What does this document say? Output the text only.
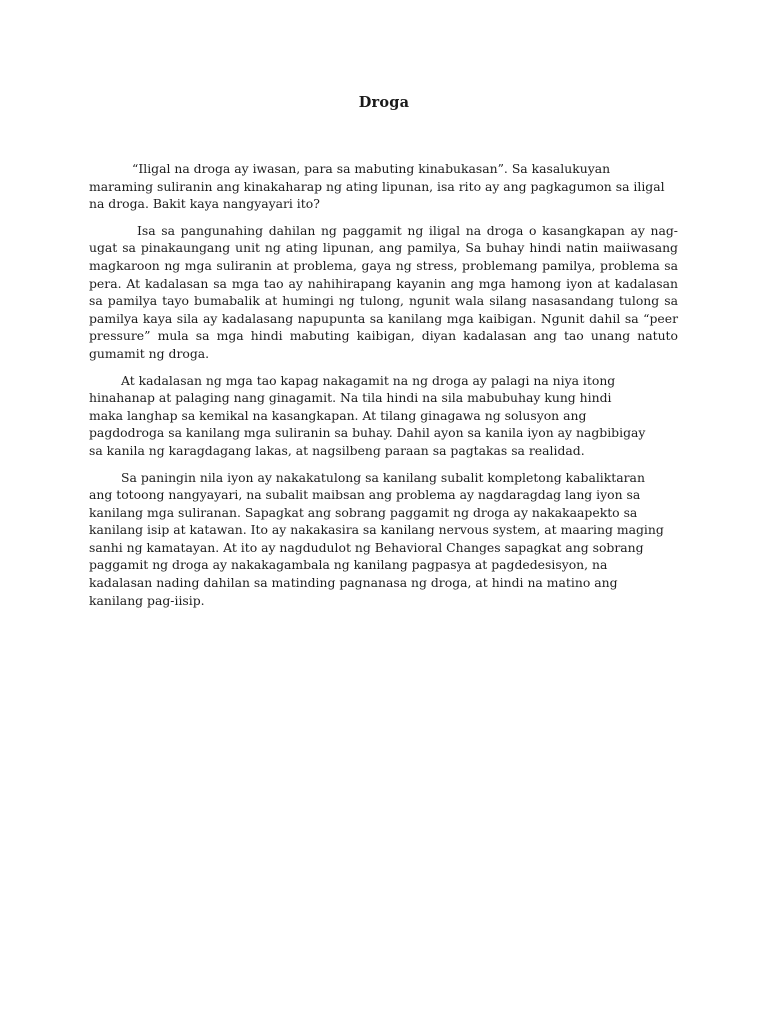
Droga

“Iligal na droga ay iwasan, para sa mabuting kinabukasan”. Sa kasalukuyan maraming suliranin ang kinakaharap ng ating lipunan, isa rito ay ang pagkagumon sa iligal na droga. Bakit kaya nangyayari ito?

Isa sa pangunahing dahilan ng paggamit ng iligal na droga o kasangkapan ay nag-ugat sa pinakaungang unit ng ating lipunan, ang pamilya, Sa buhay hindi natin maiiwasang magkaroon ng mga suliranin at problema, gaya ng stress, problemang pamilya, problema sa pera. At kadalasan sa mga tao ay nahihirapang kayanin ang mga hamong iyon at kadalasan sa pamilya tayo bumabalik at humingi ng tulong, ngunit wala silang nasasandang tulong sa pamilya kaya sila ay kadalasang napupunta sa kanilang mga kaibigan. Ngunit dahil sa “peer pressure” mula sa mga hindi mabuting kaibigan, diyan kadalasan ang tao unang natuto gumamit ng droga.

At kadalasan ng mga tao kapag nakagamit na ng droga ay palagi na niya itong hinahanap at palaging nang ginagamit. Na tila hindi na sila mabubuhay kung hindi maka langhap sa kemikal na kasangkapan. At tilang ginagawa ng solusyon ang pagdodroga sa kanilang mga suliranin sa buhay. Dahil ayon sa kanila iyon ay nagbibigay sa kanila ng karagdagang lakas, at nagsilbeng paraan sa pagtakas sa realidad.

Sa paningin nila iyon ay nakakatulong sa kanilang subalit kompletong kabaliktaran ang totoong nangyayari, na subalit maibsan ang problema ay nagdaragdag lang iyon sa kanilang mga suliranan. Sapagkat ang sobrang paggamit ng droga ay nakakaapekto sa kanilang isip at katawan. Ito ay nakakasira sa kanilang nervous system, at maaring maging sanhi ng kamatayan. At ito ay nagdudulot ng Behavioral Changes sapagkat ang sobrang paggamit ng droga ay nakakagambala ng kanilang pagpasya at pagdedesisyon, na kadalasan nading dahilan sa matinding pagnanasa ng droga, at hindi na matino ang kanilang pag-iisip.
